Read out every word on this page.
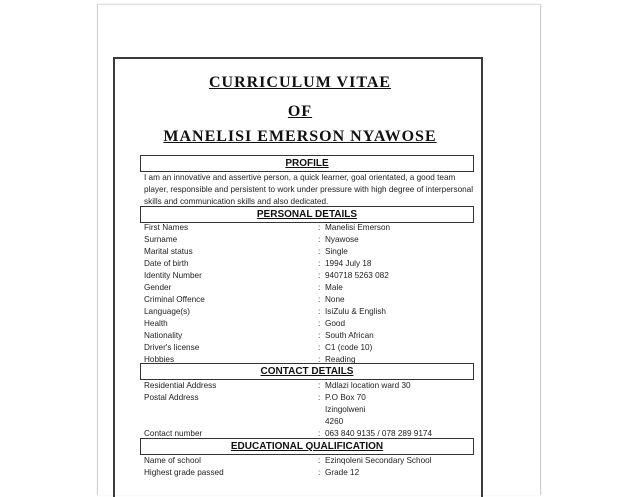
CURRICULUM VITAE
OF
MANELISI EMERSON NYAWOSE
PROFILE
I am an innovative and assertive person, a quick learner, goal orientated, a good team player, responsible and persistent to work under pressure with high degree of interpersonal skills and communication skills and also dedicated.
PERSONAL DETAILS
First Names	: Manelisi Emerson
Surname	: Nyawose
Marital status	: Single
Date of birth	: 1994 July 18
Identity Number	: 940718 5263 082
Gender	: Male
Criminal Offence	: None
Language(s)	: IsiZulu & English
Health	: Good
Nationality	: South African
Driver's license	: C1 (code 10)
Hobbies	: Reading
CONTACT DETAILS
Residential Address	: Mdlazi location ward 30
Postal Address	: P.O Box 70
Izingolweni
4260
Contact number	: 063 840 9135 / 078 289 9174
EDUCATIONAL QUALIFICATION
Name of school	: Ezinqoleni Secondary School
Highest grade passed	: Grade 12
